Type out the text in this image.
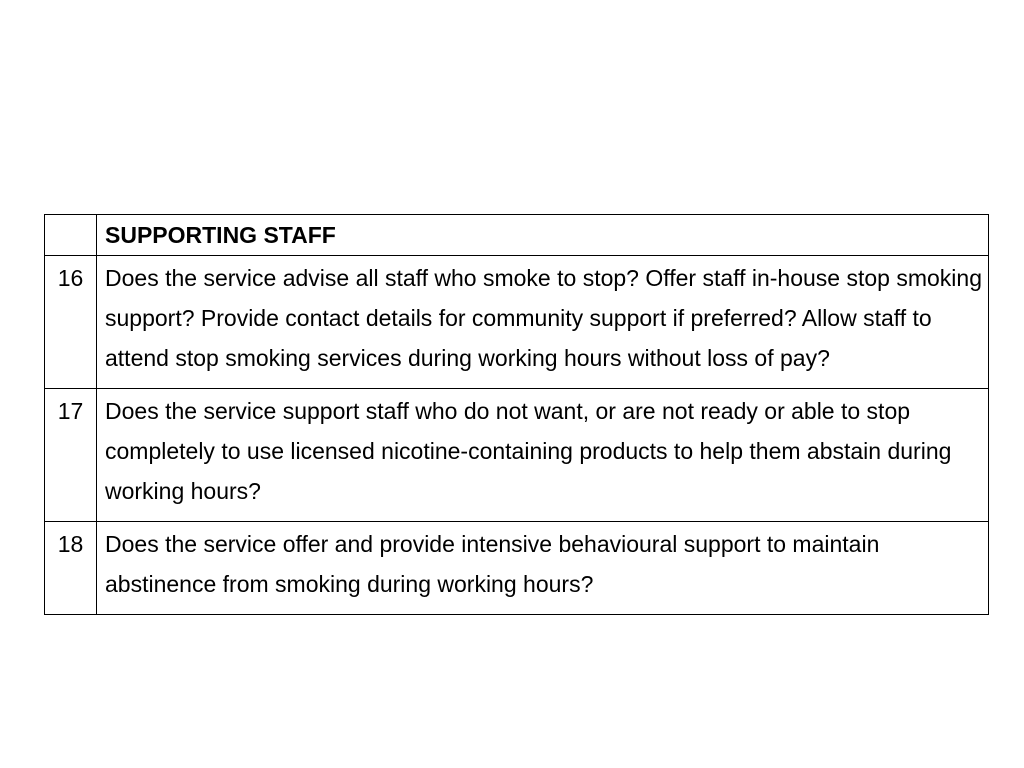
	SUPPORTING STAFF

16	Does the service advise all staff who smoke to stop? Offer staff in-house stop smoking support? Provide contact details for community support if preferred? Allow staff to attend stop smoking services during working hours without loss of pay?

17	Does the service support staff who do not want, or are not ready or able to stop completely to use licensed nicotine-containing products to help them abstain during working hours?

18	Does the service offer and provide intensive behavioural support to maintain abstinence from smoking during working hours?
